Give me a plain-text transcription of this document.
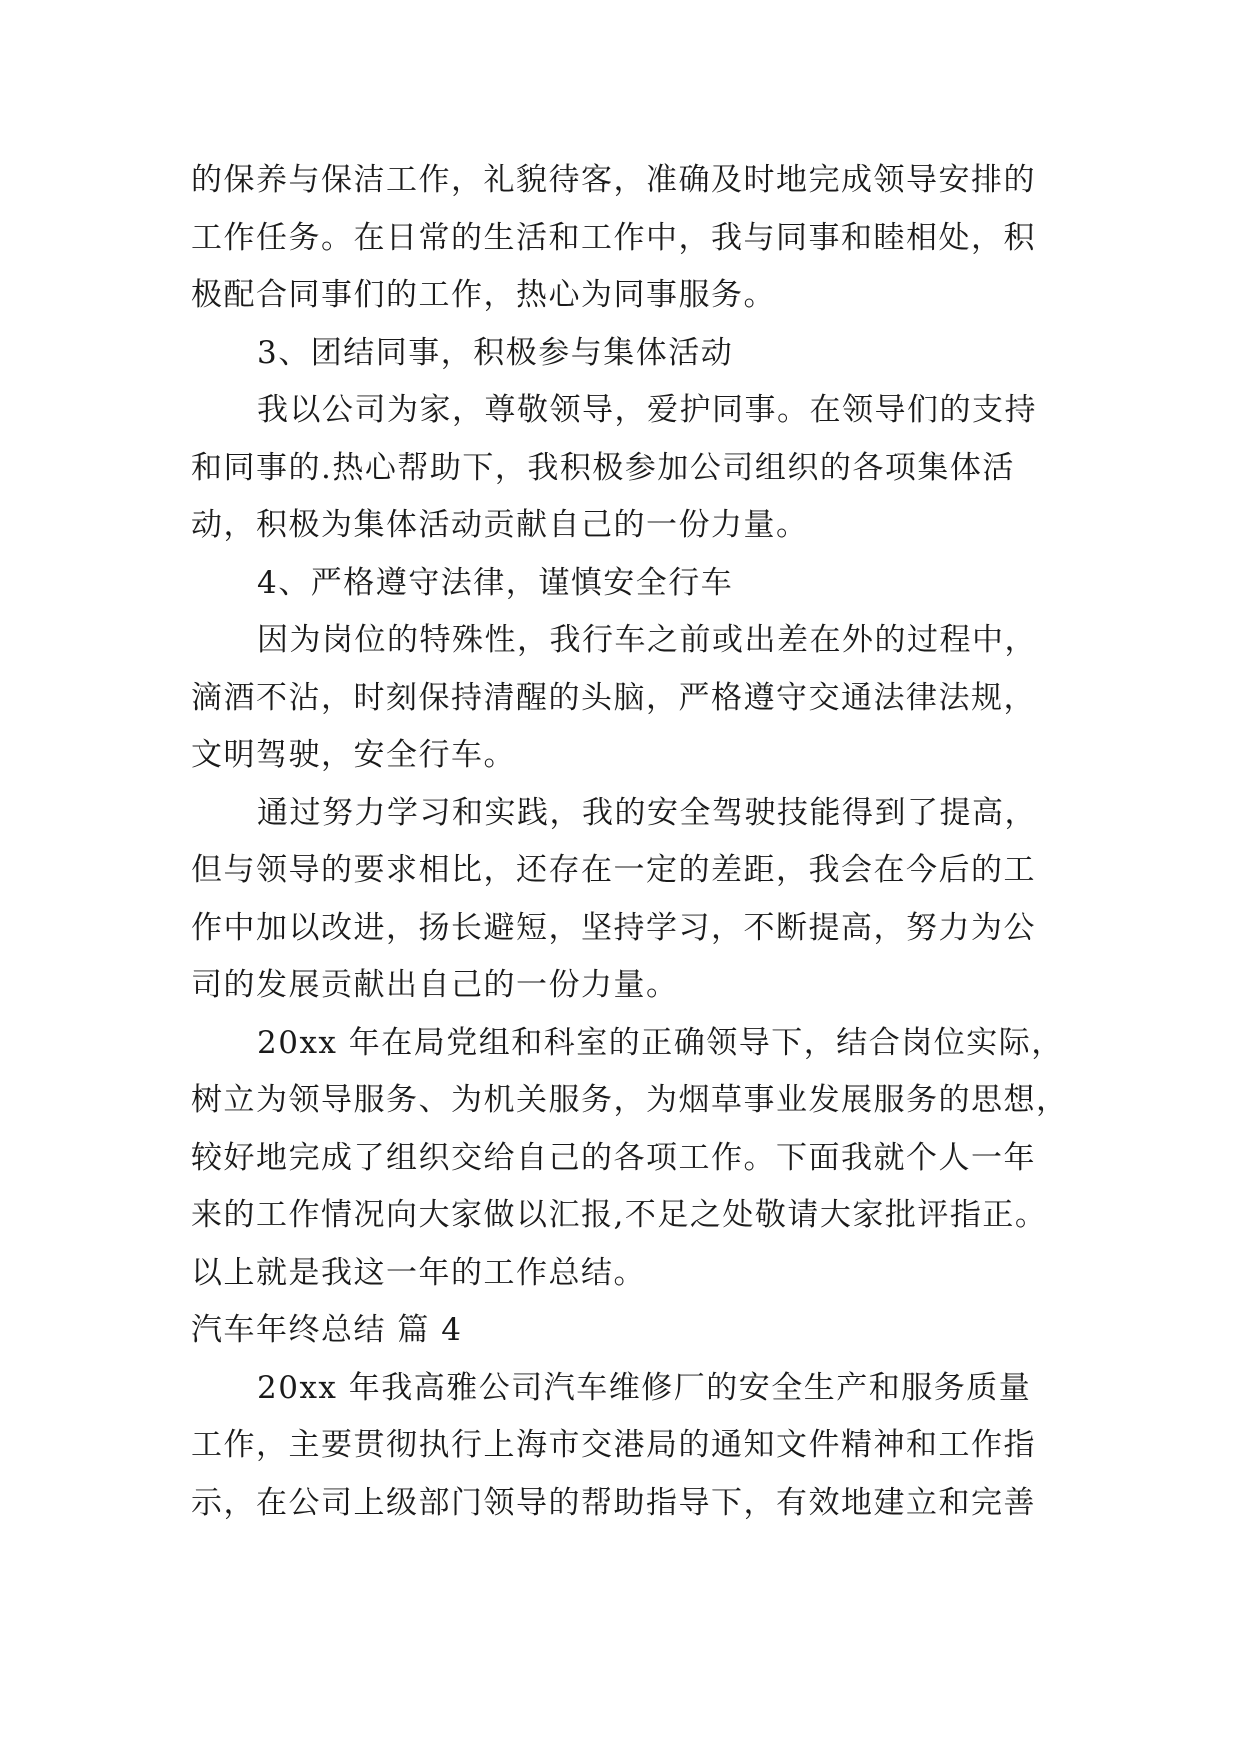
的保养与保洁工作，礼貌待客，准确及时地完成领导安排的
工作任务。在日常的生活和工作中，我与同事和睦相处，积
极配合同事们的工作，热心为同事服务。
3、团结同事，积极参与集体活动
我以公司为家，尊敬领导，爱护同事。在领导们的支持
和同事的.热心帮助下，我积极参加公司组织的各项集体活
动，积极为集体活动贡献自己的一份力量。
4、严格遵守法律，谨慎安全行车
因为岗位的特殊性，我行车之前或出差在外的过程中，
滴酒不沾，时刻保持清醒的头脑，严格遵守交通法律法规，
文明驾驶，安全行车。
通过努力学习和实践，我的安全驾驶技能得到了提高，
但与领导的要求相比，还存在一定的差距，我会在今后的工
作中加以改进，扬长避短，坚持学习，不断提高，努力为公
司的发展贡献出自己的一份力量。
20xx 年在局党组和科室的正确领导下，结合岗位实际，
树立为领导服务、为机关服务，为烟草事业发展服务的思想，
较好地完成了组织交给自己的各项工作。下面我就个人一年
来的工作情况向大家做以汇报,不足之处敬请大家批评指正。
以上就是我这一年的工作总结。
汽车年终总结 篇 4
20xx 年我高雅公司汽车维修厂的安全生产和服务质量
工作，主要贯彻执行上海市交港局的通知文件精神和工作指
示，在公司上级部门领导的帮助指导下，有效地建立和完善
